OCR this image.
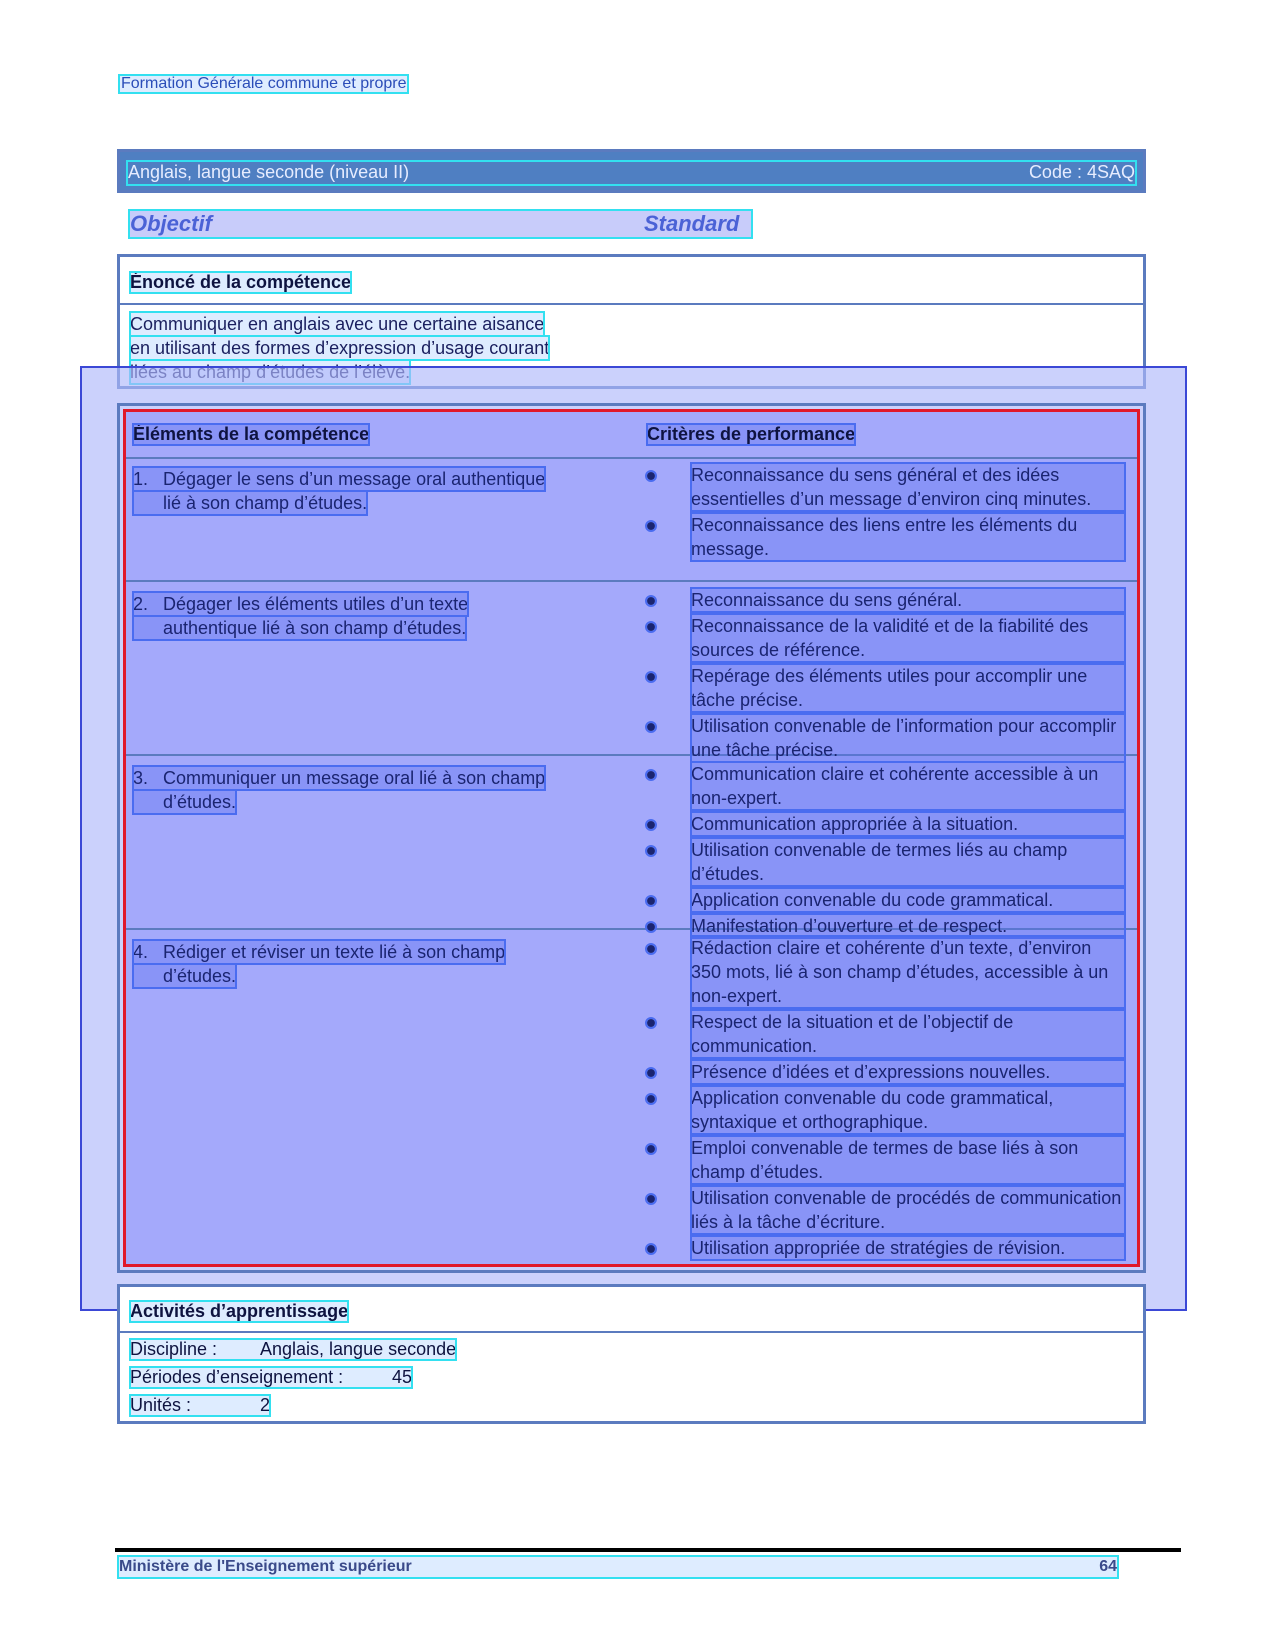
Formation Générale commune et propre
Anglais, langue seconde (niveau II)	Code : 4SAQ
Objectif	Standard
Énoncé de la compétence
Communiquer en anglais avec une certaine aisance
en utilisant des formes d’expression d’usage courant
Éléments de la compétence	Critères de performance
1. Dégager le sens d’un message oral authentique
lié à son champ d’études.
Reconnaissance du sens général et des idées essentielles d’un message d’environ cinq minutes.
Reconnaissance des liens entre les éléments du message.
2. Dégager les éléments utiles d’un texte
authentique lié à son champ d’études.
Reconnaissance du sens général.
Reconnaissance de la validité et de la fiabilité des sources de référence.
Repérage des éléments utiles pour accomplir une tâche précise.
Utilisation convenable de l’information pour accomplir une tâche précise.
3. Communiquer un message oral lié à son champ
d’études.
Communication claire et cohérente accessible à un non-expert.
Communication appropriée à la situation.
Utilisation convenable de termes liés au champ d’études.
Application convenable du code grammatical.
Manifestation d’ouverture et de respect.
4. Rédiger et réviser un texte lié à son champ
d’études.
Rédaction claire et cohérente d’un texte, d’environ 350 mots, lié à son champ d’études, accessible à un non-expert.
Respect de la situation et de l’objectif de communication.
Présence d’idées et d’expressions nouvelles.
Application convenable du code grammatical, syntaxique et orthographique.
Emploi convenable de termes de base liés à son champ d’études.
Utilisation convenable de procédés de communication liés à la tâche d’écriture.
Utilisation appropriée de stratégies de révision.
Activités d’apprentissage
Discipline : Anglais, langue seconde
Périodes d’enseignement :	45
Unités :	2
Ministère de l'Enseignement supérieur	64
